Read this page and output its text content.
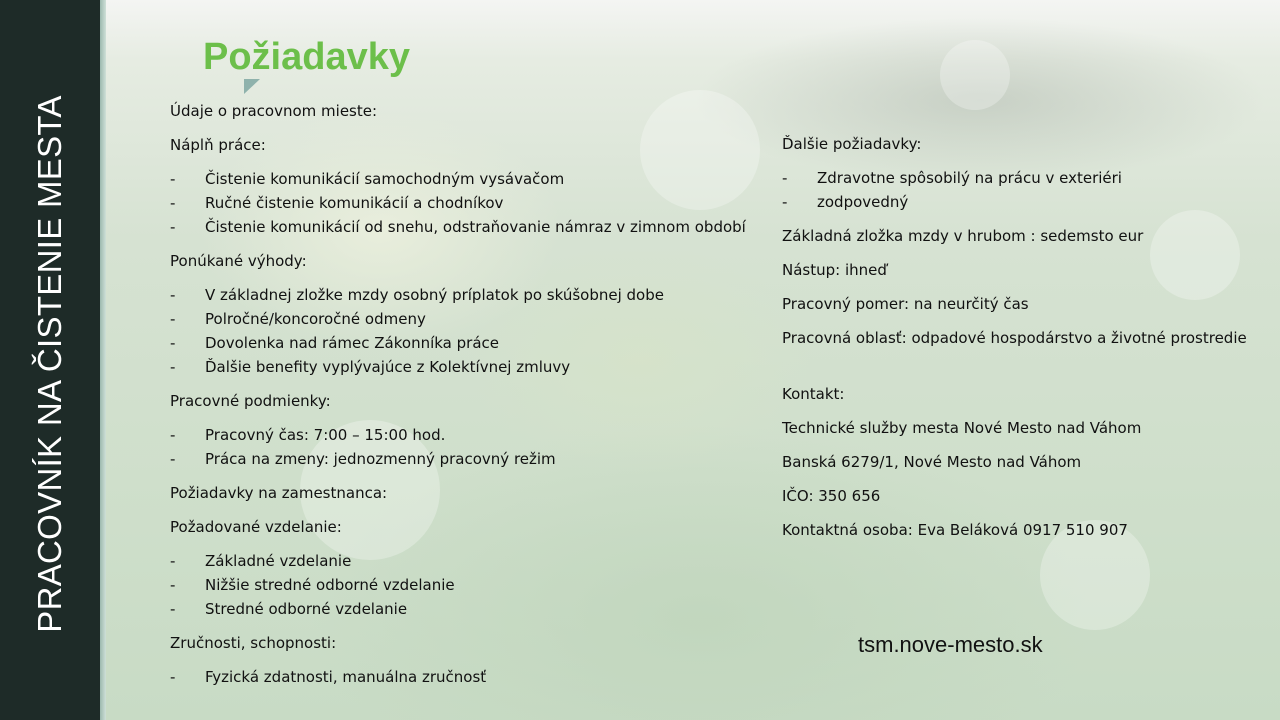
PRACOVNÍK NA ČISTENIE MESTA
Požiadavky
Údaje o pracovnom mieste:
Náplň práce:
- Čistenie komunikácií samochodným vysávačom
- Ručné čistenie komunikácií a chodníkov
- Čistenie komunikácií od snehu, odstraňovanie námraz v zimnom období
Ponúkané výhody:
- V základnej zložke mzdy osobný príplatok po skúšobnej dobe
- Polročné/koncoročné odmeny
- Dovolenka nad rámec Zákonníka práce
- Ďalšie benefity vyplývajúce z Kolektívnej zmluvy
Pracovné podmienky:
- Pracovný čas: 7:00 – 15:00 hod.
- Práca na zmeny: jednozmenný pracovný režim
Požiadavky na zamestnanca:
Požadované vzdelanie:
- Základné vzdelanie
- Nižšie stredné odborné vzdelanie
- Stredné odborné vzdelanie
Zručnosti, schopnosti:
- Fyzická zdatnosti, manuálna zručnosť
Ďalšie požiadavky:
- Zdravotne spôsobilý na prácu v exteriéri
- zodpovedný
Základná zložka mzdy v hrubom : sedemsto eur
Nástup: ihneď
Pracovný pomer: na neurčitý čas
Pracovná oblasť: odpadové hospodárstvo a životné prostredie
Kontakt:
Technické služby mesta Nové Mesto nad Váhom
Banská 6279/1, Nové Mesto nad Váhom
IČO: 350 656
Kontaktná osoba: Eva Beláková 0917 510 907
tsm.nove-mesto.sk
